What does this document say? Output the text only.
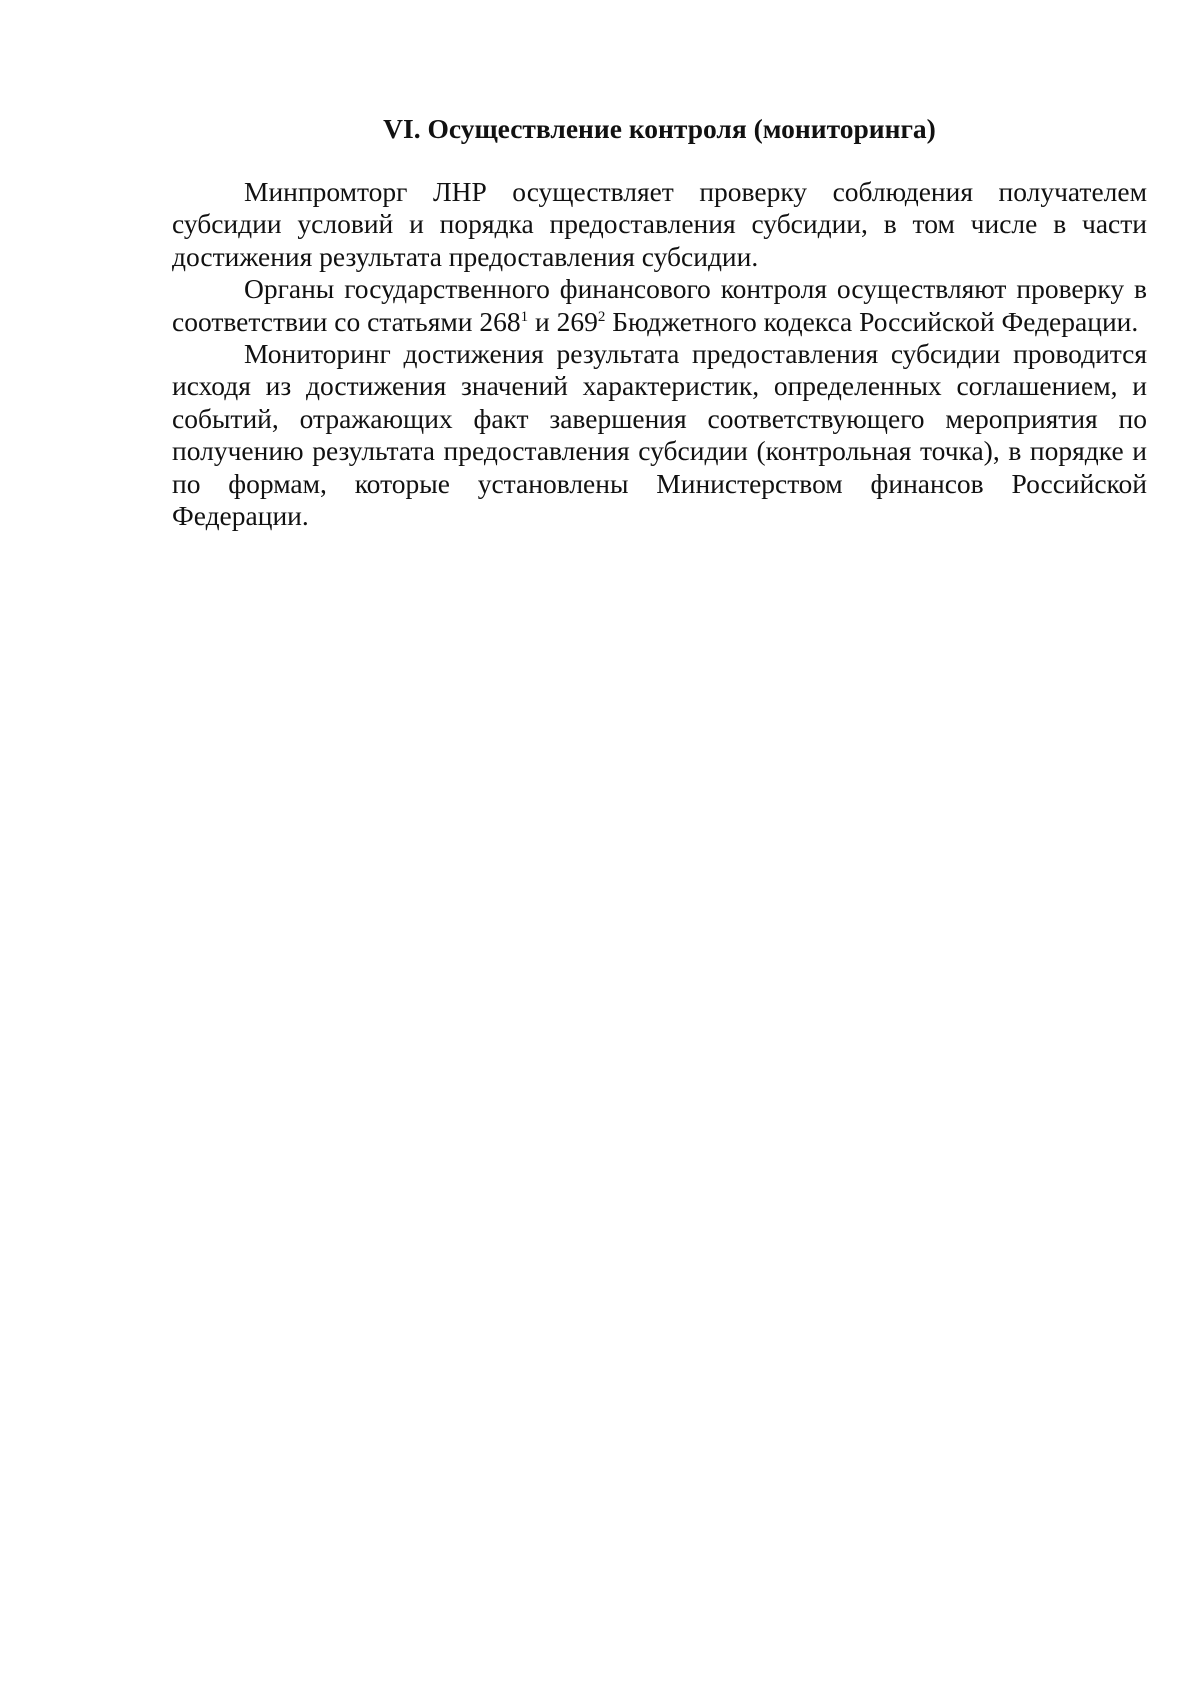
VI. Осуществление контроля (мониторинга)

Минпромторг ЛНР осуществляет проверку соблюдения получателем субсидии условий и порядка предоставления субсидии, в том числе в части достижения результата предоставления субсидии.

Органы государственного финансового контроля осуществляют проверку в соответствии со статьями $268^1$ и $269^2$ Бюджетного кодекса Российской Федерации.

Мониторинг достижения результата предоставления субсидии проводится исходя из достижения значений характеристик, определенных соглашением, и событий, отражающих факт завершения соответствующего мероприятия по получению результата предоставления субсидии (контрольная точка), в порядке и по формам, которые установлены Министерством финансов Российской Федерации.
